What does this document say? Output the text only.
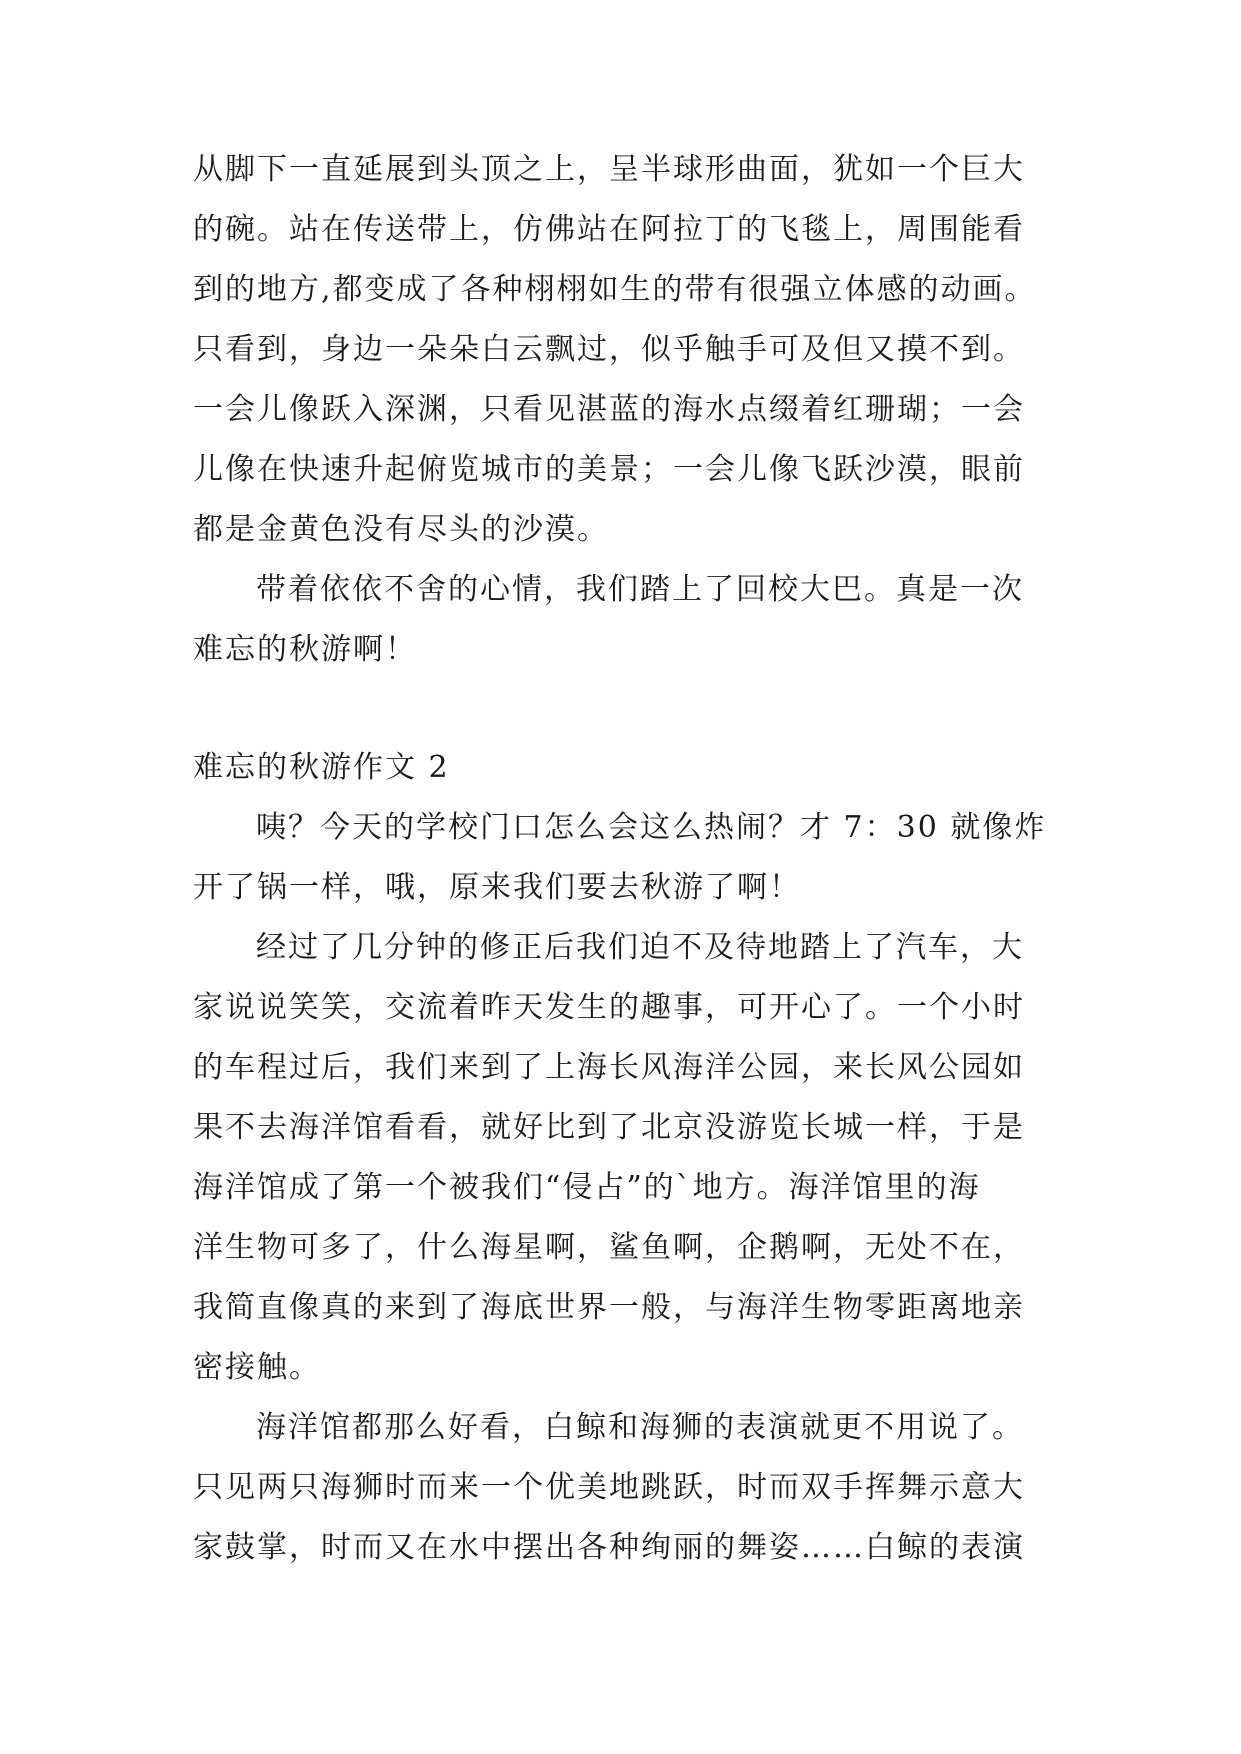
从脚下一直延展到头顶之上，呈半球形曲面，犹如一个巨大
的碗。站在传送带上，仿佛站在阿拉丁的飞毯上，周围能看
到的地方,都变成了各种栩栩如生的带有很强立体感的动画。
只看到，身边一朵朵白云飘过，似乎触手可及但又摸不到。
一会儿像跃入深渊，只看见湛蓝的海水点缀着红珊瑚；一会
儿像在快速升起俯览城市的美景；一会儿像飞跃沙漠，眼前
都是金黄色没有尽头的沙漠。
带着依依不舍的心情，我们踏上了回校大巴。真是一次
难忘的秋游啊！
难忘的秋游作文 2
咦？今天的学校门口怎么会这么热闹？才 7：30 就像炸
开了锅一样，哦，原来我们要去秋游了啊！
经过了几分钟的修正后我们迫不及待地踏上了汽车，大
家说说笑笑，交流着昨天发生的趣事，可开心了。一个小时
的车程过后，我们来到了上海长风海洋公园，来长风公园如
果不去海洋馆看看，就好比到了北京没游览长城一样，于是
海洋馆成了第一个被我们“侵占”的`地方。海洋馆里的海
洋生物可多了，什么海星啊，鲨鱼啊，企鹅啊，无处不在，
我简直像真的来到了海底世界一般，与海洋生物零距离地亲
密接触。
海洋馆都那么好看，白鲸和海狮的表演就更不用说了。
只见两只海狮时而来一个优美地跳跃，时而双手挥舞示意大
家鼓掌，时而又在水中摆出各种绚丽的舞姿……白鲸的表演
